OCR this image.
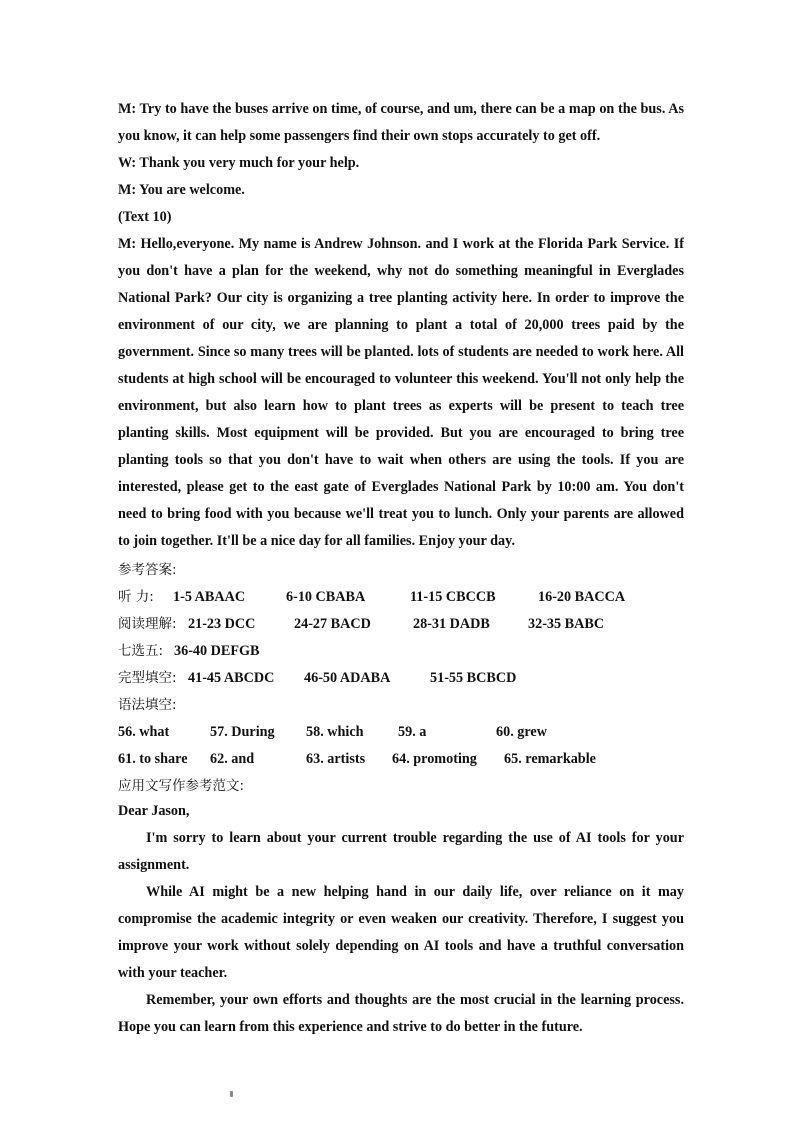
M: Try to have the buses arrive on time, of course, and um, there can be a map on the bus. As you know, it can help some passengers find their own stops accurately to get off.

W: Thank you very much for your help.

M: You are welcome.

(Text 10)

M: Hello,everyone. My name is Andrew Johnson. and I work at the Florida Park Service. If you don't have a plan for the weekend, why not do something meaningful in Everglades National Park? Our city is organizing a tree planting activity here. In order to improve the environment of our city, we are planning to plant a total of 20,000 trees paid by the government. Since so many trees will be planted. lots of students are needed to work here. All students at high school will be encouraged to volunteer this weekend. You'll not only help the environment, but also learn how to plant trees as experts will be present to teach tree planting skills. Most equipment will be provided. But you are encouraged to bring tree planting tools so that you don't have to wait when others are using the tools. If you are interested, please get to the east gate of Everglades National Park by 10:00 am. You don't need to bring food with you because we'll treat you to lunch. Only your parents are allowed to join together. It'll be a nice day for all families. Enjoy your day.

参考答案:
听 力: 1-5 ABAAC	6-10 CBABA	11-15 CBCCB	16-20 BACCA
阅读理解: 21-23 DCC	24-27 BACD	28-31 DADB	32-35 BABC
七选五: 36-40 DEFGB
完型填空: 41-45 ABCDC 46-50 ADABA	51-55 BCBCD
语法填空:
56. what	57. During 58. which 59. a	60. grew
61. to share 62. and	63. artists 64. promoting 65. remarkable
应用文写作参考范文:

Dear Jason,

I'm sorry to learn about your current trouble regarding the use of AI tools for your assignment.

While AI might be a new helping hand in our daily life, over reliance on it may compromise the academic integrity or even weaken our creativity. Therefore, I suggest you improve your work without solely depending on AI tools and have a truthful conversation with your teacher.

Remember, your own efforts and thoughts are the most crucial in the learning process. Hope you can learn from this experience and strive to do better in the future.
